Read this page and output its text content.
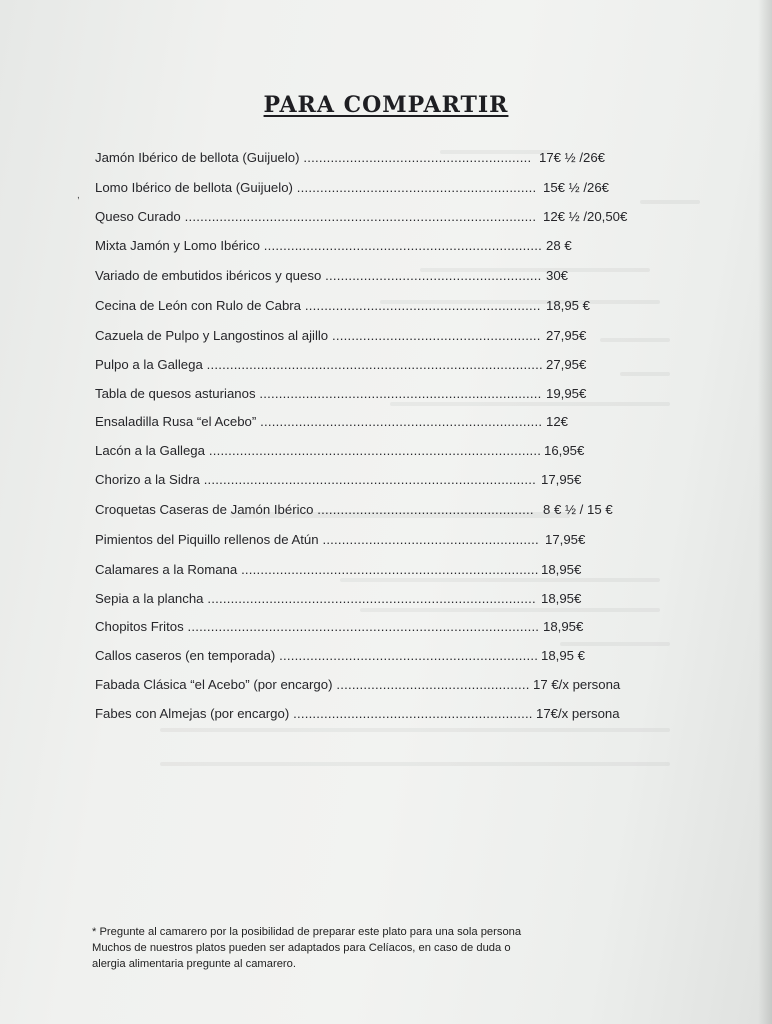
PARA COMPARTIR
,
Jamón Ibérico de bellota (Guijuelo) ........................................................... 17€ ½ /26€
Lomo Ibérico de bellota (Guijuelo) .............................................................. 15€ ½ /26€
Queso Curado ........................................................................................... 12€ ½ /20,50€
Mixta Jamón y Lomo Ibérico ........................................................................ 28 €
Variado de embutidos ibéricos y queso ........................................................ 30€
Cecina de León con Rulo de Cabra ............................................................. 18,95 €
Cazuela de Pulpo y Langostinos al ajillo ...................................................... 27,95€
Pulpo a la Gallega ....................................................................................... 27,95€
Tabla de quesos asturianos ......................................................................... 19,95€
Ensaladilla Rusa “el Acebo” ......................................................................... 12€
Lacón a la Gallega ...................................................................................... 16,95€
Chorizo a la Sidra ...................................................................................... 17,95€
Croquetas Caseras de Jamón Ibérico ........................................................ 8 € ½ / 15 €
Pimientos del Piquillo rellenos de Atún ........................................................ 17,95€
Calamares a la Romana ............................................................................. 18,95€
Sepia a la plancha ..................................................................................... 18,95€
Chopitos Fritos ........................................................................................... 18,95€
Callos caseros (en temporada) ................................................................... 18,95 €
Fabada Clásica “el Acebo” (por encargo) .................................................. 17 €/x persona
Fabes con Almejas (por encargo) .............................................................. 17€/x persona
* Pregunte al camarero por la posibilidad de preparar este plato para una sola persona
Muchos de nuestros platos pueden ser adaptados para Celíacos, en caso de duda o
alergia alimentaria pregunte al camarero.
